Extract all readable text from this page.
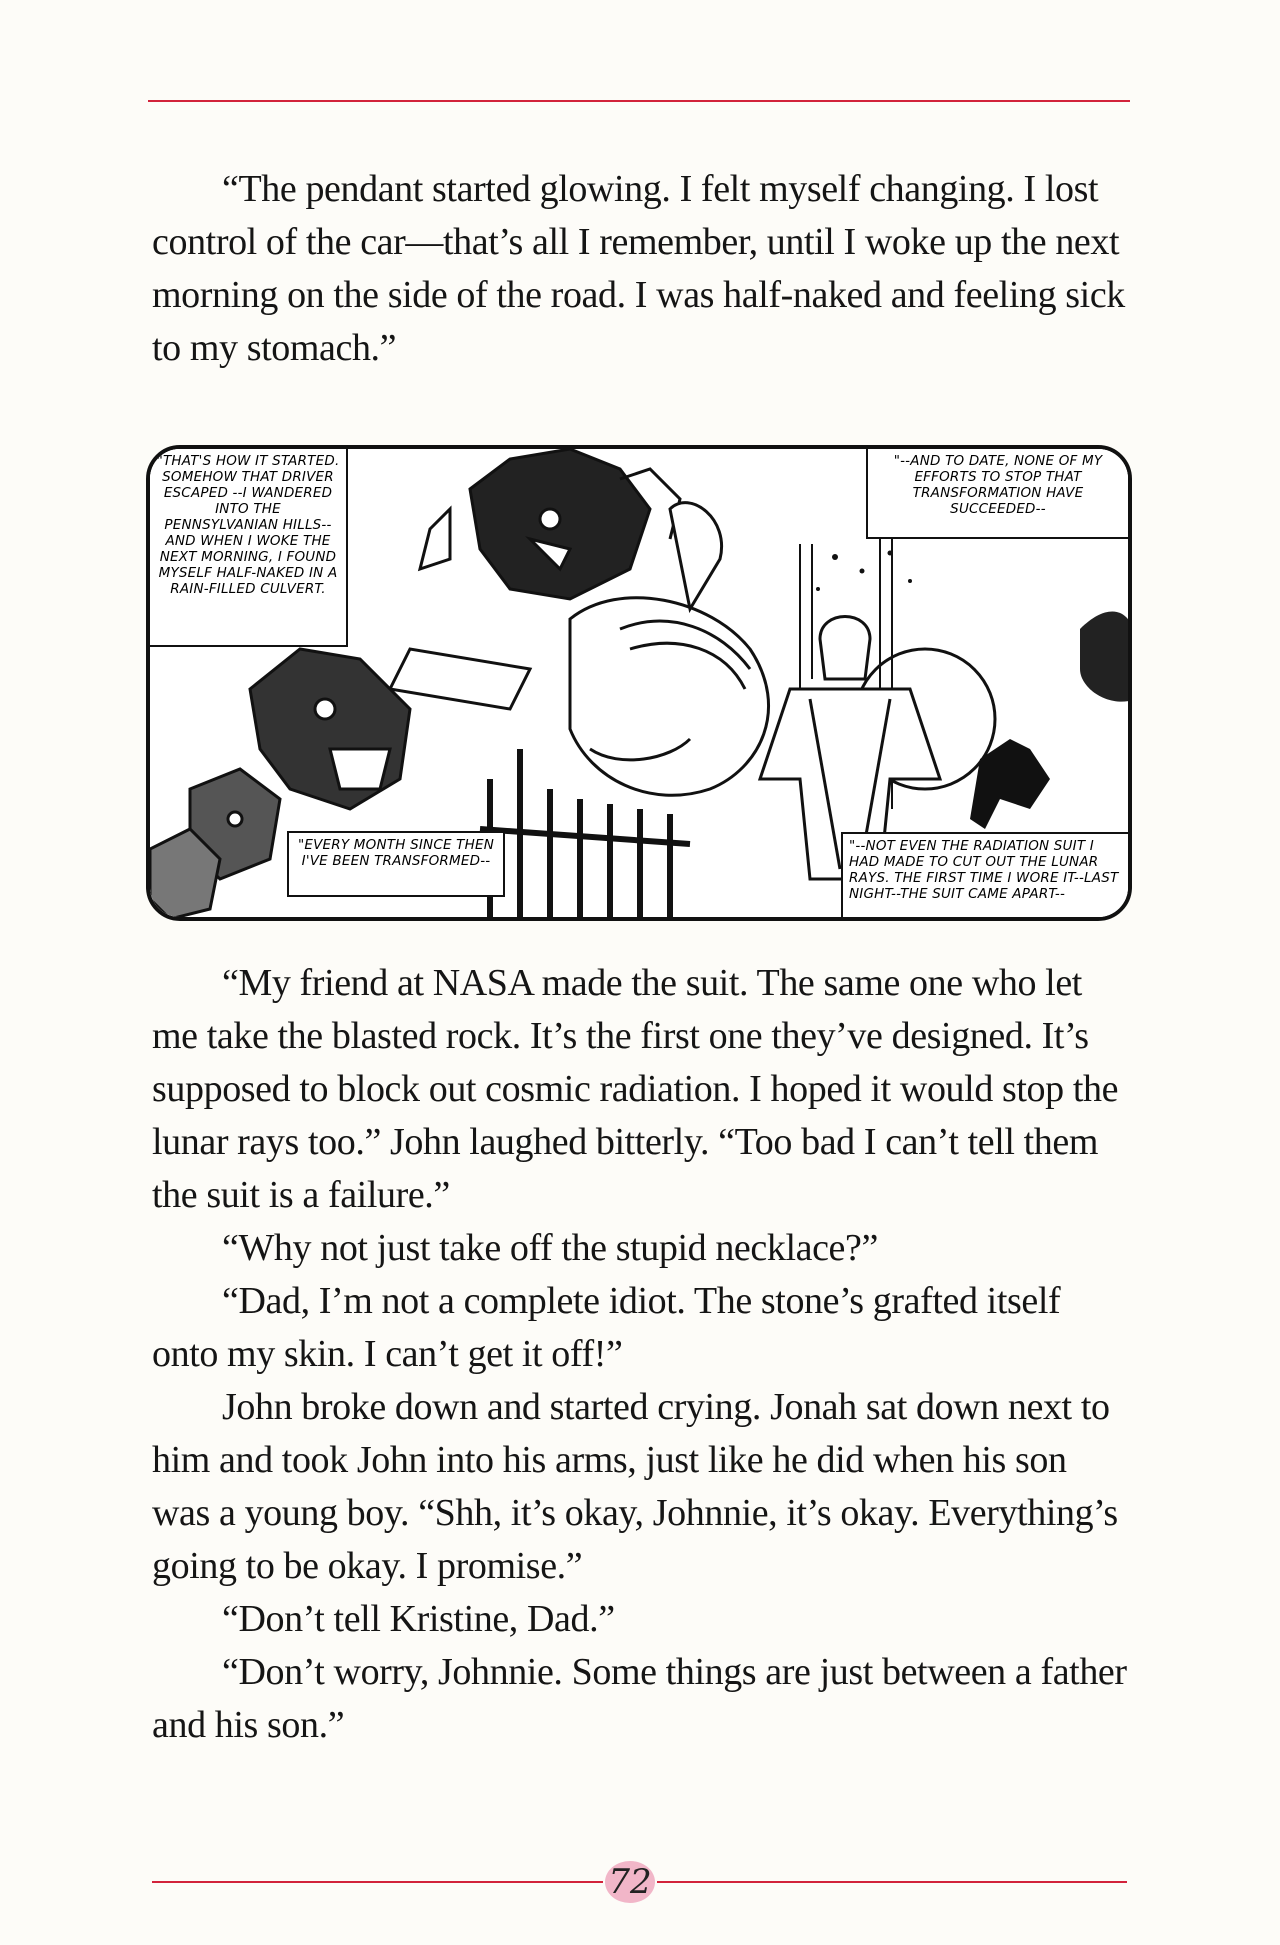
“The pendant started glowing. I felt myself changing. I lost control of the car—that’s all I remember, until I woke up the next morning on the side of the road. I was half-naked and feeling sick to my stomach.”

"THAT'S HOW IT STARTED. SOMEHOW THAT DRIVER ESCAPED --I WANDERED INTO THE PENNSYLVANIAN HILLS--AND WHEN I WOKE THE NEXT MORNING, I FOUND MYSELF HALF-NAKED IN A RAIN-FILLED CULVERT.
"--AND TO DATE, NONE OF MY EFFORTS TO STOP THAT TRANSFORMATION HAVE SUCCEEDED--
"EVERY MONTH SINCE THEN I'VE BEEN TRANSFORMED--
"--NOT EVEN THE RADIATION SUIT I HAD MADE TO CUT OUT THE LUNAR RAYS. THE FIRST TIME I WORE IT--LAST NIGHT--THE SUIT CAME APART--

“My friend at NASA made the suit. The same one who let me take the blasted rock. It’s the first one they’ve designed. It’s supposed to block out cosmic radiation. I hoped it would stop the lunar rays too.” John laughed bitterly. “Too bad I can’t tell them the suit is a failure.”

“Why not just take off the stupid necklace?”

“Dad, I’m not a complete idiot. The stone’s grafted itself onto my skin. I can’t get it off!”

John broke down and started crying. Jonah sat down next to him and took John into his arms, just like he did when his son was a young boy. “Shh, it’s okay, Johnnie, it’s okay. Everything’s going to be okay. I promise.”

“Don’t tell Kristine, Dad.”

“Don’t worry, Johnnie. Some things are just between a father and his son.”

72
